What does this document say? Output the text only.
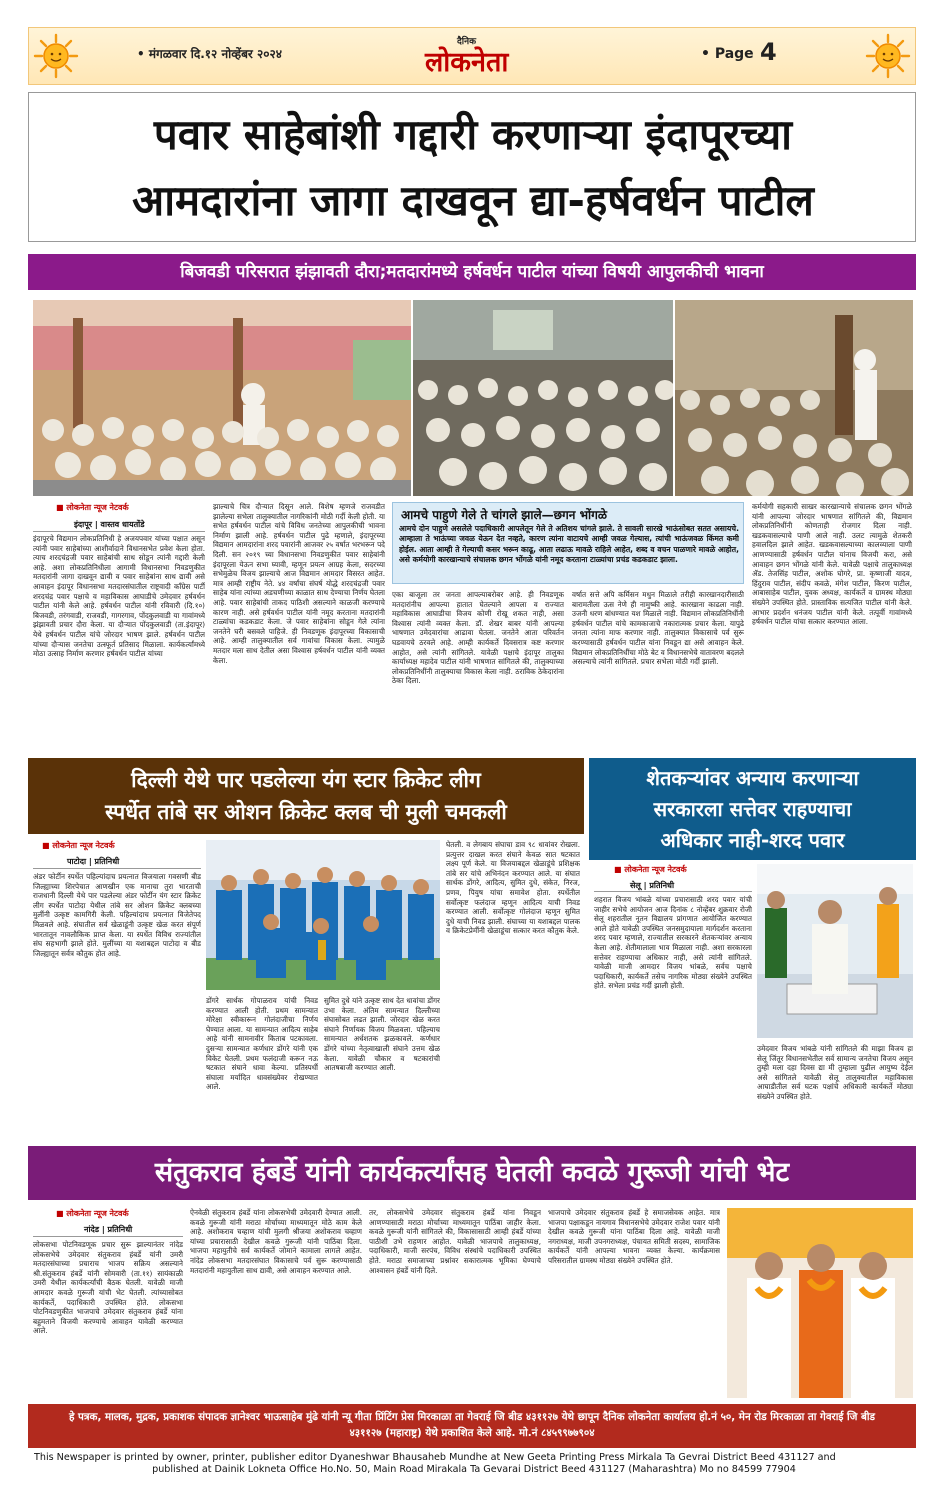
• मंगळवार दि.१२ नोव्हेंबर २०२४
दैनिक
लोकनेता	• Page 4
पवार साहेबांशी गद्दारी करणाऱ्या इंदापूरच्या
आमदारांना जागा दाखवून द्या-हर्षवर्धन पाटील
बिजवडी परिसरात झंझावती दौरा;मतदारांमध्ये हर्षवर्धन पाटील यांच्या विषयी आपुलकीची भावना
■ लोकनेता न्यूज नेटवर्क
इंदापूर | वास्तव धायतोंडे
इंदापूरचे विद्यमान लोकप्रतिनिधी हे अजयपवार यांच्या पक्षात असून त्यांनी पवार साहेबांच्या आशीर्वादाने विधानसभेत प्रवेश केला होता. त्याच शरदचंद्रजी पवार साहेबांची साथ सोडून त्यांनी गद्दारी केली आहे. अशा लोकप्रतिनिधीला आगामी विधानसभा निवडणुकीत मतदारांनी जागा दाखवून द्यावी व पवार साहेबांना साथ द्यावी असे आवाहन इंदापूर विधानसभा मतदारसंघातील राष्ट्रवादी काँग्रेस पार्टी शरदचंद्र पवार पक्षाचे व महाविकास आघाडीचे उमेदवार हर्षवर्धन पाटील यांनी केले आहे. हर्षवर्धन पाटील यांनी रविवारी (दि.१०) बिजवडी, तरंगवाडी, राजवडी, गागरगाव, पोंदकुलवाडी या गावांमध्ये झंझावती प्रचार दौरा केला. या दौऱ्यात पोंदकुलवाडी (ता.इंदापूर) येथे हर्षवर्धन पाटील यांचे जोरदार भाषण झाले. हर्षवर्धन पाटील यांच्या दौऱ्यास जनतेचा उत्स्फूर्त प्रतिसाद मिळाला. कार्यकर्त्यांमध्ये मोठा उत्साह निर्माण करणार हर्षवर्धन पाटील यांच्या
झाल्याचे चित्र दौऱ्यात दिसून आले. विशेष म्हणजे राजवडीत झालेल्या सभेला तालुक्यातील नागरिकांनी मोठी गर्दी केली होती. या सभेत हर्षवर्धन पाटील यांचे विविध जनतेच्या आपुलकीची भावना निर्माण झाली आहे. हर्षवर्धन पाटील पुढे म्हणाले, इंदापूरच्या विद्यमान आमदारांना शरद पवारांनी आजवर २५ वर्षात भरभरून पदे दिली. सन २०१९ च्या विधानसभा निवडणुकीत पवार साहेबांनी इंदापूरला येऊन सभा घ्यावी, म्हणून प्रयत्न आग्रह केला, सदरच्या सभेमुळेच विजय झाल्याचे आज विद्यमान आमदार विसरत आहेत. मात्र आम्ही राष्ट्रीय नेते. ४४ वर्षांचा संघर्ष योद्धे शरदचंद्रजी पवार साहेब यांना त्यांच्या अडचणीच्या काळात साथ देण्याचा निर्णय घेतला आहे. पवार साहेबांची ताकद पाठिशी असल्याने काळजी करण्याचे कारण नाही. असे हर्षवर्धन पाटील यांनी नमूद करताना मतदारांनी टाळ्यांचा कडकडाट केला. जे पवार साहेबांना सोडून गेले त्यांना जनतेने घरी बसवले पाहिजे. ही निवडणूक इंदापूरच्या विकासाची आहे. आम्ही तालुक्यातील सर्व गावांचा विकास केला. त्यामुळे मतदार मला साथ देतील असा विश्वास हर्षवर्धन पाटील यांनी व्यक्त केला.
आमचे पाहुणे गेले ते चांगले झाले—छगन भोंगळे
आमचे दोन पाहुणे असलेले पदाधिकारी आपलेतून गेले ते अतिशय चांगले झाले. ते सावली सारखे भाऊंसोबत सतत असायचे. आम्हाला ते भाऊंच्या जवळ येऊन देत नव्हते, कारण त्यांना वाटायचे आम्ही जवळ गेल्यास, त्यांची भाऊंजवळ किंमत कमी होईल. आता आम्ही ते गेल्याची कसर भरून काढू, आता लढाऊ मावळे राहिले आहेत, शब्द व वचन पाळणारे मावळे आहोत, असे कर्मयोगी कारखान्याचे संचालक छगन भोंगळे यांनी नमूद करताना टाळ्यांचा प्रचंड कडकडाट झाला.
एका बाजूला तर जनता आपल्याबरोबर आहे. ही निवडणूक मतदारांनीच आपल्या हातात घेतल्याने आपला व राज्यात महाविकास आघाडीचा विजय कोणी रोखू शकत नाही, असा विश्वास त्यांनी व्यक्त केला. डॉ. शेखर बाबर यांनी आपल्या भाषणात उमेदवारांचा आढावा घेतला. जनतेने आता परिवर्तन घडवायचे ठरवले आहे. आम्ही कार्यकर्ते दिवसरात्र कष्ट करणार आहोत, असे त्यांनी सांगितले. यावेळी पक्षाचे इंदापूर तालुका कार्याध्यक्ष महादेव पाटील यांनी भाषणात सांगितले की, तालुक्याच्या लोकप्रतिनिधींनी तालुक्याचा विकास केला नाही. ठराविक ठेकेदारांना ठेका दिला.
वर्षात सत्ते अपि कर्मिसन मधुन मिळाले तरीही कारखानदारीसाठी बारामतीला ऊस नेणे ही नामुष्की आहे. कारखाना काढला नाही. उजनी धरण बांधण्यात यश मिळाले नाही. विद्यमान लोकप्रतिनिधींनी हर्षवर्धन पाटील यांचे कामकाजाचे नकारात्मक प्रचार केला. यापुढे जनता त्यांना माफ करणार नाही. तालुक्यात विकासाचे पर्व सुरू करण्यासाठी हर्षवर्धन पाटील यांना निवडून द्या असे आवाहन केले. विद्यमान लोकप्रतिनिधींचा मोठे बेट व विधानसभेचे वातावरण बदलले असल्याचे त्यांनी सांगितले. प्रचार सभेला मोठी गर्दी झाली.
कर्मयोगी सहकारी साखर कारखान्याचे संचालक छगन भोंगळे यांनी आपल्या जोरदार भाषणात सांगितले की, विद्यमान लोकप्रतिनिधींनी कोणताही रोजगार दिला नाही. खडकवासल्याचे पाणी आले नाही. उलट त्यामुळे शेतकरी हवालदिल झाले आहेत. खडकवासल्याच्या कालव्याला पाणी आणण्यासाठी हर्षवर्धन पाटील यांनाच विजयी करा, असे आवाहन छगन भोंगळे यांनी केले. यावेळी पक्षाचे तालुकाध्यक्ष ॲड. तेजसिंह पाटील, अशोक घोगरे, प्रा. कृष्णाजी यादव, हिंदुराव पाटील, संदीप कवळे, मंगेश पाटील, किरण पाटील, आबासाहेब पाटील, युवक अध्यक्ष, कार्यकर्ते व ग्रामस्थ मोठ्या संख्येने उपस्थित होते. प्रास्ताविक सत्यजित पाटील यांनी केले. आभार प्रदर्शन धनंजय पाटील यांनी केले. तत्पूर्वी गावांमध्ये हर्षवर्धन पाटील यांचा सत्कार करण्यात आला.
दिल्ली येथे पार पडलेल्या यंग स्टार क्रिकेट लीग
स्पर्धेत तांबे सर ओशन क्रिकेट क्लब ची मुली चमकली
■ लोकनेता न्यूज नेटवर्क
पाटोदा | प्रतिनिधी
अंडर फोर्टीन स्पर्धेत पहिल्यांदाच प्रयत्नात विजयाला गवसणी बीड जिल्ह्याच्या शिरपेचात आणखीन एक मानाचा तुरा भारताची राजधानी दिल्ली येथे पार पडलेल्या अंडर फोर्टीन यंग स्टार क्रिकेट लीग स्पर्धेत पाटोदा येथील तांबे सर ओशन क्रिकेट क्लबच्या मुलींनी उत्कृष्ट कामगिरी केली. पहिल्यांदाच प्रयत्नात विजेतेपद मिळवले आहे. संघातील सर्व खेळाडूंनी उत्कृष्ट खेळ करत संपूर्ण भारतातून नावलौकिक प्राप्त केला. या स्पर्धेत विविध राज्यांतील संघ सहभागी झाले होते. मुलींच्या या यशाबद्दल पाटोदा व बीड जिल्ह्यातून सर्वत्र कौतुक होत आहे.
डोंगरे सार्थक गोपाळराव यांची निवड करण्यात आली होती. प्रथम सामन्यात मोरेक्षा स्वीकारून गोलंदाजीचा निर्णय घेण्यात आला. या सामन्यात आदित्य साहेब आहे यांनी सामनावीर किताब पटकावला. दुसऱ्या सामन्यात कर्णधार डोंगरे यांनी एक विकेट घेतली. प्रथम फलंदाजी करून नऊ षटकात संघाने धावा केल्या. प्रतिस्पर्धी संघाला मर्यादित धावसंख्येवर रोखण्यात आले.
सुमित दुधे यांने उत्कृष्ट साथ देत धावांचा डोंगर उभा केला. अंतिम सामन्यात दिल्लीच्या संघासोबत लढत झाली. जोरदार खेळ करत संघाने निर्णायक विजय मिळवला. पहिल्याच सामन्यात अर्धशतक झळकावले. कर्णधार डोंगरे यांच्या नेतृत्वाखाली संघाने उत्तम खेळ केला. यावेळी चौकार व षटकारांची आतषबाजी करण्यात आली.
घेतली. व लेगबाय संघाचा डाव ९८ धावांवर रोखला. प्रत्युत्तर दाखल करत संघाने केवळ सात षटकात लक्ष्य पूर्ण केले. या विजयाबद्दल खेळाडूंचे प्रशिक्षक तांबे सर यांचे अभिनंदन करण्यात आले. या संघात सार्थक डोंगरे, आदित्य, सुमित दुधे, संकेत, निरज, प्रणव, पियुष यांचा समावेश होता. स्पर्धेतील सर्वोत्कृष्ट फलंदाज म्हणून आदित्य याची निवड करण्यात आली. सर्वोत्कृष्ट गोलंदाज म्हणून सुमित दुधे याची निवड झाली. संघाच्या या यशाबद्दल पालक व क्रिकेटप्रेमींनी खेळाडूंचा सत्कार करत कौतुक केले.
शेतकऱ्यांवर अन्याय करणाऱ्या
सरकारला सत्तेवर राहण्याचा
अधिकार नाही-शरद पवार
■ लोकनेता न्यूज नेटवर्क
सेलू | प्रतिनिधी
शहरात विजय भांबळे यांच्या प्रचारासाठी शरद पवार यांची जाहीर सभेचे आयोजन आज दिनांक ८ नोव्हेंबर शुक्रवार रोजी सेलू शहरातील नूतन विद्यालय प्रांगणात आयोजित करण्यात आले होते यावेळी उपस्थित जनसमुदायाला मार्गदर्शन करताना शरद पवार म्हणाले, राज्यातील सरकारने शेतकऱ्यांवर अन्याय केला आहे. शेतीमालाला भाव मिळाला नाही. अशा सरकारला सत्तेवर राहण्याचा अधिकार नाही, असे त्यांनी सांगितले. यावेळी माजी आमदार विजय भांबळे, सर्वच पक्षाचे पदाधिकारी, कार्यकर्ते तसेच नागरिक मोठ्या संख्येने उपस्थित होते. सभेला प्रचंड गर्दी झाली होती.
उमेदवार विजय भांबळे यांनी सांगितले की माझा विजय हा सेलू जिंतूर विधानसभेतील सर्व सामान्य जनतेचा विजय असून तुम्ही मला दहा दिवस द्या मी तुम्हाला पुढील आयुष्य देईल असे सांगितले यावेळी सेलू तालुक्यातील महाविकास आघाडीतील सर्व घटक पक्षांचे अधिकारी कार्यकर्ते मोठ्या संख्येने उपस्थित होते.
संतुकराव हंबर्डे यांनी कार्यकर्त्यांसह घेतली कवळे गुरूजी यांची भेट
■ लोकनेता न्यूज नेटवर्क
नांदेड | प्रतिनिधी
लोकसभा पोटनिवडणूक प्रचार सुरू झाल्यानंतर नांदेड लोकसभेचे उमेदवार संतुकराव हंबर्डे यांनी उमरी मतदारसंघाच्या प्रचाराच भाजप सक्रिय असल्याने श्री.संतुकराव हंबर्डे यांनी सोमवारी (ता.११) सायंकाळी उमरी येथील कार्यकर्त्यांची बैठक घेतली. यावेळी माजी आमदार कवळे गुरूजी यांची भेट घेतली. त्यांच्यासोबत कार्यकर्ते, पदाधिकारी उपस्थित होते. लोकसभा पोटनिवडणुकीत भाजपाचे उमेदवार संतुकराव हंबर्डे यांना बहुमताने विजयी करण्याचे आवाहन यावेळी करण्यात आले.
ऐनवेळी संतुकराव हंबर्डे यांना लोकसभेची उमेदवारी देण्यात आली. कवळे गुरूजी यांनी मराठा मोर्चाच्या माध्यमातून मोठे काम केले आहे. अशोकराव चव्हाण यांची मुलगी श्रीजया अशोकराव चव्हाण यांच्या प्रचारासाठी देखील कवळे गुरूजी यांनी पाठिंबा दिला. भाजपा महायुतीचे सर्व कार्यकर्ते जोमाने कामाला लागले आहेत. नांदेड लोकसभा मतदारसंघात विकासाचे पर्व सुरू करण्यासाठी मतदारांनी महायुतीला साथ द्यावी, असे आवाहन करण्यात आले.
तर, लोकसभेचे उमेदवार संतुकराव हंबर्डे यांना निवडून आणण्यासाठी मराठा मोर्चाच्या माध्यमातून पाठिंबा जाहीर केला. कवळे गुरूजी यांनी सांगितले की, विकासासाठी आम्ही हंबर्डे यांच्या पाठीशी उभे राहणार आहोत. यावेळी भाजपाचे तालुकाध्यक्ष, पदाधिकारी, माजी सरपंच, विविध संस्थांचे पदाधिकारी उपस्थित होते. मराठा समाजाच्या प्रश्नांवर सकारात्मक भूमिका घेण्याचे आश्वासन हंबर्डे यांनी दिले.
भाजपाचे उमेदवार संतुकराव हंबर्डे हे समाजसेवक आहेत. मात्र भाजपा पक्षाकडून नायगाव विधानसभेचे उमेदवार राजेश पवार यांनी देखील कवळे गुरूजी यांना पाठिंबा दिला आहे. यावेळी माजी नगराध्यक्ष, माजी उपनगराध्यक्ष, पंचायत समिती सदस्य, सामाजिक कार्यकर्ते यांनी आपल्या भावना व्यक्त केल्या. कार्यक्रमास परिसरातील ग्रामस्थ मोठ्या संख्येने उपस्थित होते.
हे पत्रक, मालक, मुद्रक, प्रकाशक संपादक ज्ञानेश्वर भाऊसाहेब मुंढे यांनी न्यू गीता प्रिंटिंग प्रेस मिरकाळा ता गेवराई जि बीड ४३११२७ येथे छापून दैनिक लोकनेता कार्यालय हो.नं ५०, मेन रोड मिरकाळा ता गेवराई जि बीड ४३११२७ (महाराष्ट्र) येथे प्रकाशित केले आहे. मो.नं ८४५९९७७९०४
This Newspaper is printed by owner, printer, publisher editor Dyaneshwar Bhausaheb Mundhe at New Geeta Printing Press Mirkala Ta Gevrai District Beed 431127 and
published at Dainik Lokneta Office Ho.No. 50, Main Road Mirakala Ta Gevarai District Beed 431127 (Maharashtra) Mo no 84599 77904
